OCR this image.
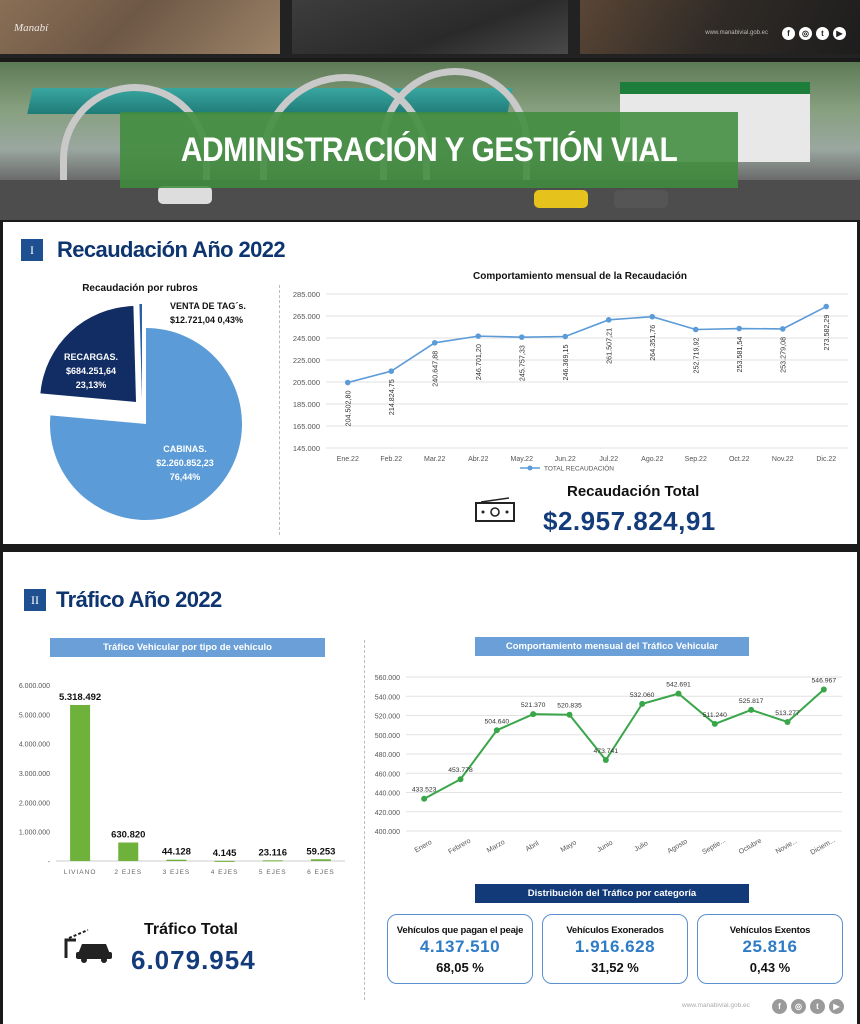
Manabí	www.manabivial.gob.ec	f	◎	t	▶
ADMINISTRACIÓN Y GESTIÓN VIAL
I	Recaudación Año 2022
Recaudación por rubros
VENTA DE TAG´s.
$12.721,04 0,43%
RECARGAS.
$684.251,64
23,13%
CABINAS.
$2.260.852,23
76,44%
Comportamiento mensual de la Recaudación
145.000
165.000
185.000
205.000
225.000
245.000
265.000
285.000
Ene.22	Feb.22	Mar.22	Abr.22	May.22	Jun.22	Jul.22	Ago.22	Sep.22	Oct.22	Nov.22	Dic.22
204.502,80	214.824,75
240.647,88	246.701,20	245.757,33	246.369,15	261.507,21	264.351,76	252.719,92	253.581,54	253.279,08
273.582,29
TOTAL RECAUDACIÓN
Recaudación Total
$2.957.824,91
II Tráfico Año 2022
Tráfico Vehicular por tipo de vehículo
-
1.000.000
2.000.000
3.000.000
4.000.000
5.000.000
6.000.000
5.318.492
LIVIANO
630.820
2 EJES
44.128
3 EJES
4.145
4 EJES
23.116
5 EJES
59.253
6 EJES
Comportamiento mensual del Tráfico Vehicular
400.000
420.000
440.000
460.000
480.000
500.000
520.000
540.000
560.000
Enero Febrero Marzo	Abril	Mayo	Junio	Julio Agosto Septie... Octubre Novie... Diciem...
433.523
453.778
504.640
521.370 520.835
473.741
532.060
542.691
511.240
525.817
513.277
546.967
Distribución del Tráfico por categoría
Vehículos que pagan el peaje
4.137.510
68,05 %
Vehículos Exonerados
1.916.628
31,52 %
Vehículos Exentos
25.816
0,43 %
Tráfico Total
6.079.954
www.manabivial.gob.ec	f	◎	t	▶
